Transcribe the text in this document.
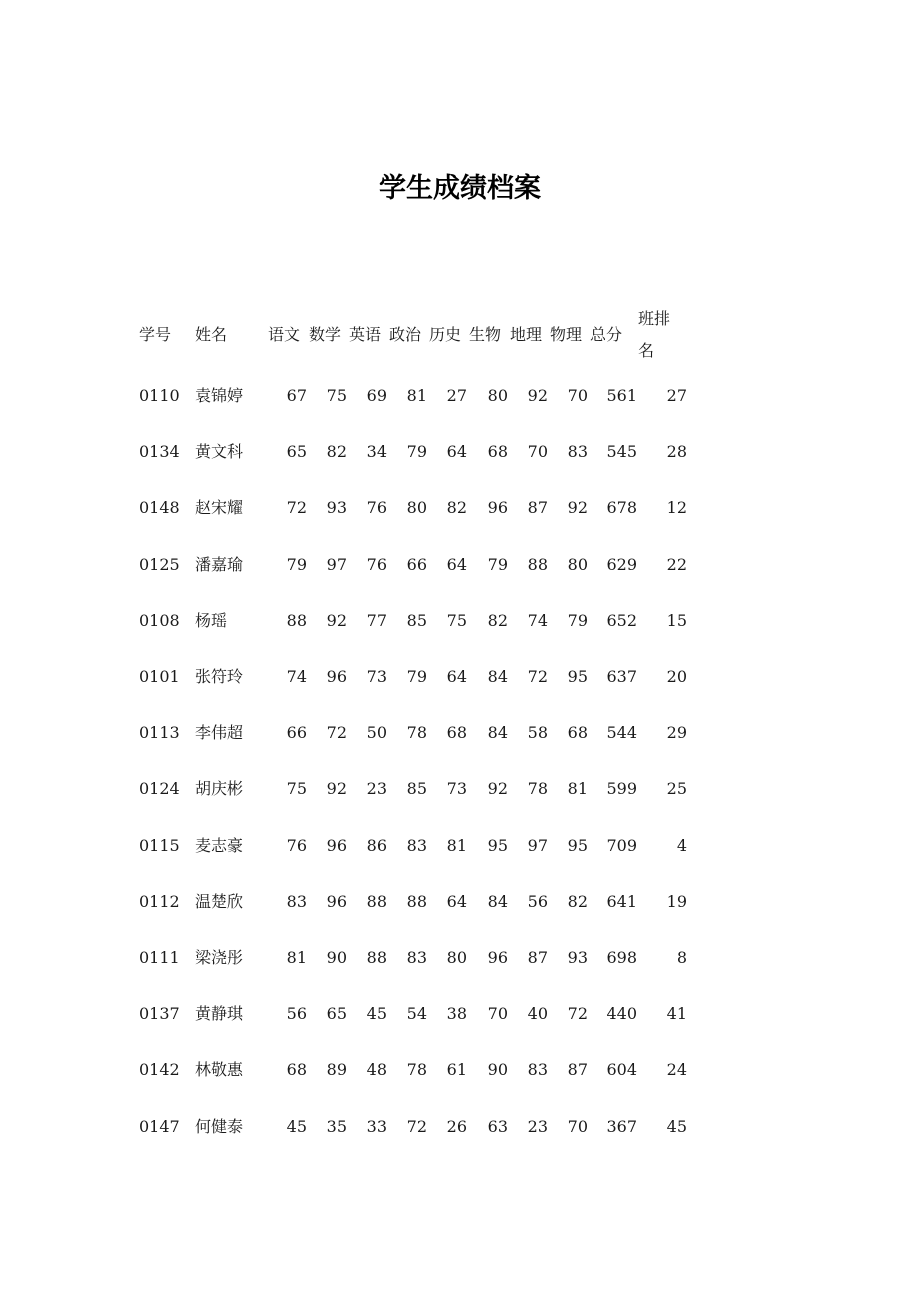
学生成绩档案
学号 姓名	语文 数学 英语 政治 历史 生物 地理 物理 总分
班排
名
0110 袁锦婷	67 75 69 81 27 80 92 70 561 27
0134 黄文科	65 82 34 79 64 68 70 83 545 28
0148 赵宋耀	72 93 76 80 82 96 87 92 678 12
0125 潘嘉瑜	79 97 76 66 64 79 88 80 629 22
0108 杨瑶	88 92 77 85 75 82 74 79 652 15
0101 张符玲	74 96 73 79 64 84 72 95 637 20
0113 李伟超	66 72 50 78 68 84 58 68 544 29
0124 胡庆彬	75 92 23 85 73 92 78 81 599 25
0115 麦志豪	76 96 86 83 81 95 97 95 709 4
0112 温楚欣	83 96 88 88 64 84 56 82 641 19
0111 梁浇彤	81 90 88 83 80 96 87 93 698 8
0137 黄静琪	56 65 45 54 38 70 40 72 440 41
0142 林敬惠	68 89 48 78 61 90 83 87 604 24
0147 何健泰	45 35 33 72 26 63 23 70 367 45
